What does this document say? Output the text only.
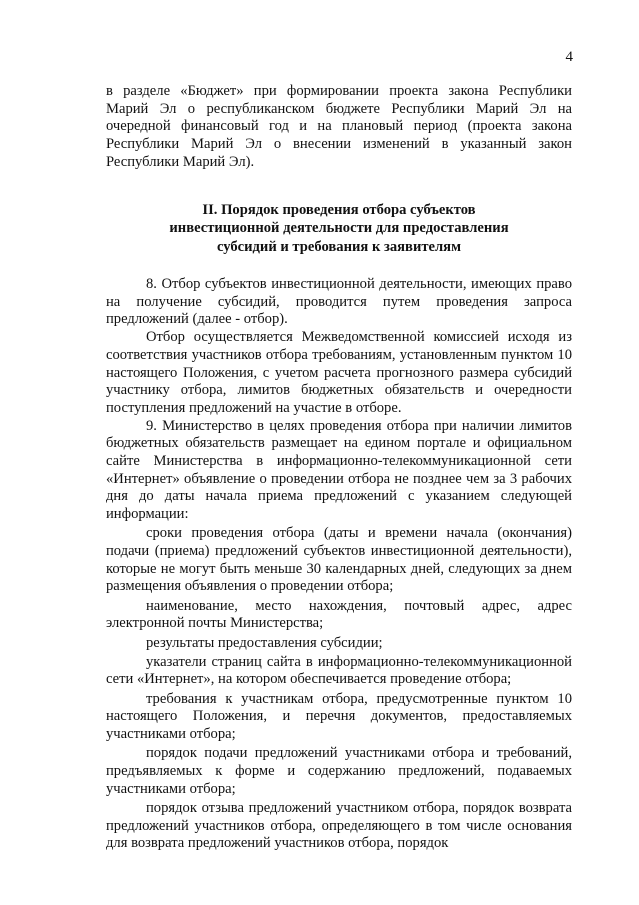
4

в разделе «Бюджет» при формировании проекта закона Республики Марий Эл о республиканском бюджете Республики Марий Эл на очередной финансовый год и на плановый период (проекта закона Республики Марий Эл о внесении изменений в указанный закон Республики Марий Эл).

II. Порядок проведения отбора субъектов
инвестиционной деятельности для предоставления
субсидий и требования к заявителям

8. Отбор субъектов инвестиционной деятельности, имеющих право на получение субсидий, проводится путем проведения запроса предложений (далее - отбор).

Отбор осуществляется Межведомственной комиссией исходя из соответствия участников отбора требованиям, установленным пунктом 10 настоящего Положения, с учетом расчета прогнозного размера субсидий участнику отбора, лимитов бюджетных обязательств и очередности поступления предложений на участие в отборе.

9. Министерство в целях проведения отбора при наличии лимитов бюджетных обязательств размещает на едином портале и официальном сайте Министерства в информационно-телекоммуникационной сети «Интернет» объявление о проведении отбора не позднее чем за 3 рабочих дня до даты начала приема предложений с указанием следующей информации:

сроки проведения отбора (даты и времени начала (окончания) подачи (приема) предложений субъектов инвестиционной деятельности), которые не могут быть меньше 30 календарных дней, следующих за днем размещения объявления о проведении отбора;

наименование, место нахождения, почтовый адрес, адрес электронной почты Министерства;

результаты предоставления субсидии;

указатели страниц сайта в информационно-телекоммуникационной сети «Интернет», на котором обеспечивается проведение отбора;

требования к участникам отбора, предусмотренные пунктом 10 настоящего Положения, и перечня документов, предоставляемых участниками отбора;

порядок подачи предложений участниками отбора и требований, предъявляемых к форме и содержанию предложений, подаваемых участниками отбора;

порядок отзыва предложений участником отбора, порядок возврата предложений участников отбора, определяющего в том числе основания для возврата предложений участников отбора, порядок
